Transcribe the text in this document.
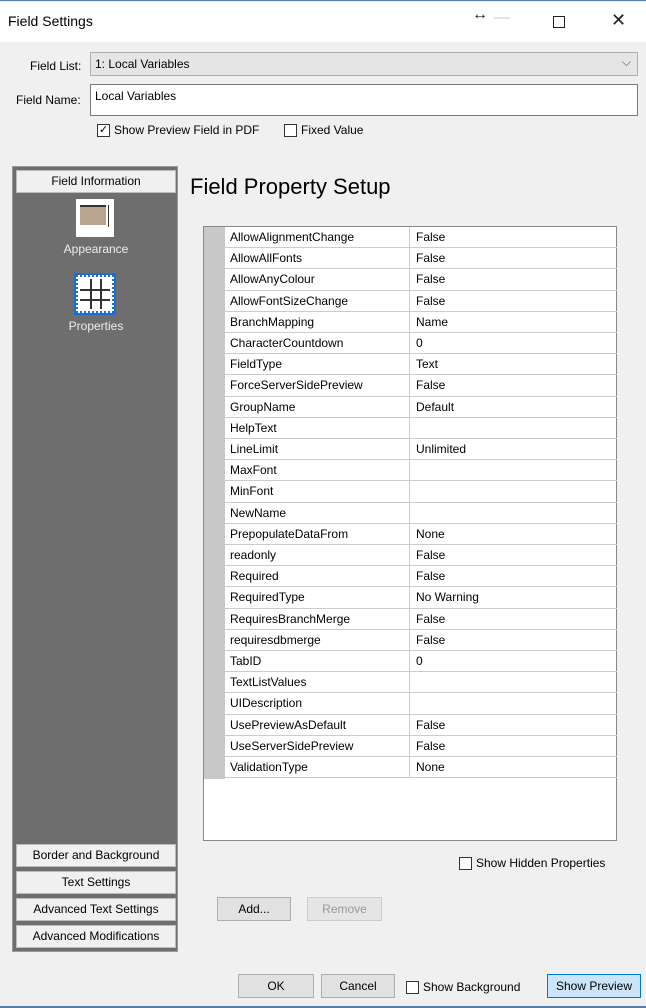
Field Settings	↔ —	✕
Field List:	1: Local Variables	⌵
Field Name:	Local Variables
✓ Show Preview Field in PDF	Fixed Value
Field Information
Appearance
Properties
Border and Background
Text Settings
Advanced Text Settings
Advanced Modifications
Field Property Setup
AllowAlignmentChange	False
AllowAllFonts	False
AllowAnyColour	False
AllowFontSizeChange	False
BranchMapping	Name
CharacterCountdown	0
FieldType	Text
ForceServerSidePreview	False
GroupName	Default
HelpText
LineLimit	Unlimited
MaxFont
MinFont
NewName
PrepopulateDataFrom	None
readonly	False
Required	False
RequiredType	No Warning
RequiresBranchMerge	False
requiresdbmerge	False
TabID	0
TextListValues
UIDescription
UsePreviewAsDefault	False
UseServerSidePreview	False
ValidationType	None
Show Hidden Properties
Add...	Remove
OK	Cancel	Show Background	Show Preview
